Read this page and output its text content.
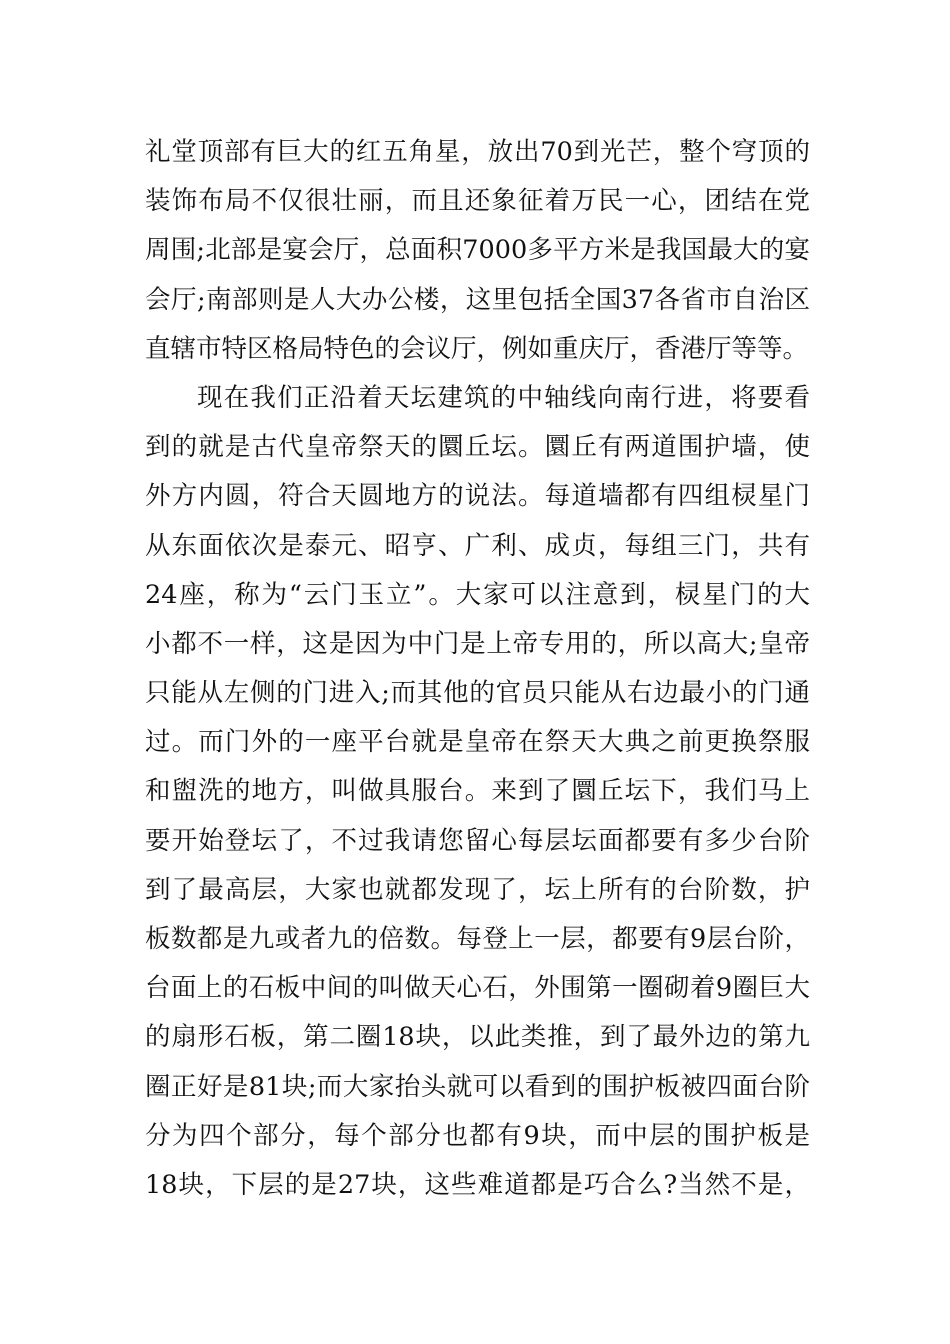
礼堂顶部有巨大的红五角星，放出70到光芒，整个穹顶的
装饰布局不仅很壮丽，而且还象征着万民一心，团结在党
周围;北部是宴会厅，总面积7000多平方米是我国最大的宴
会厅;南部则是人大办公楼，这里包括全国37各省市自治区
直辖市特区格局特色的会议厅，例如重庆厅，香港厅等等。
现在我们正沿着天坛建筑的中轴线向南行进，将要看
到的就是古代皇帝祭天的圜丘坛。圜丘有两道围护墙，使
外方内圆，符合天圆地方的说法。每道墙都有四组棂星门
从东面依次是泰元、昭亨、广利、成贞，每组三门，共有
24座，称为“云门玉立”。大家可以注意到，棂星门的大
小都不一样，这是因为中门是上帝专用的，所以高大;皇帝
只能从左侧的门进入;而其他的官员只能从右边最小的门通
过。而门外的一座平台就是皇帝在祭天大典之前更换祭服
和盥洗的地方，叫做具服台。来到了圜丘坛下，我们马上
要开始登坛了，不过我请您留心每层坛面都要有多少台阶
到了最高层，大家也就都发现了，坛上所有的台阶数，护
板数都是九或者九的倍数。每登上一层，都要有9层台阶，
台面上的石板中间的叫做天心石，外围第一圈砌着9圈巨大
的扇形石板，第二圈18块，以此类推，到了最外边的第九
圈正好是81块;而大家抬头就可以看到的围护板被四面台阶
分为四个部分，每个部分也都有9块，而中层的围护板是
18块，下层的是27块，这些难道都是巧合么?当然不是，
